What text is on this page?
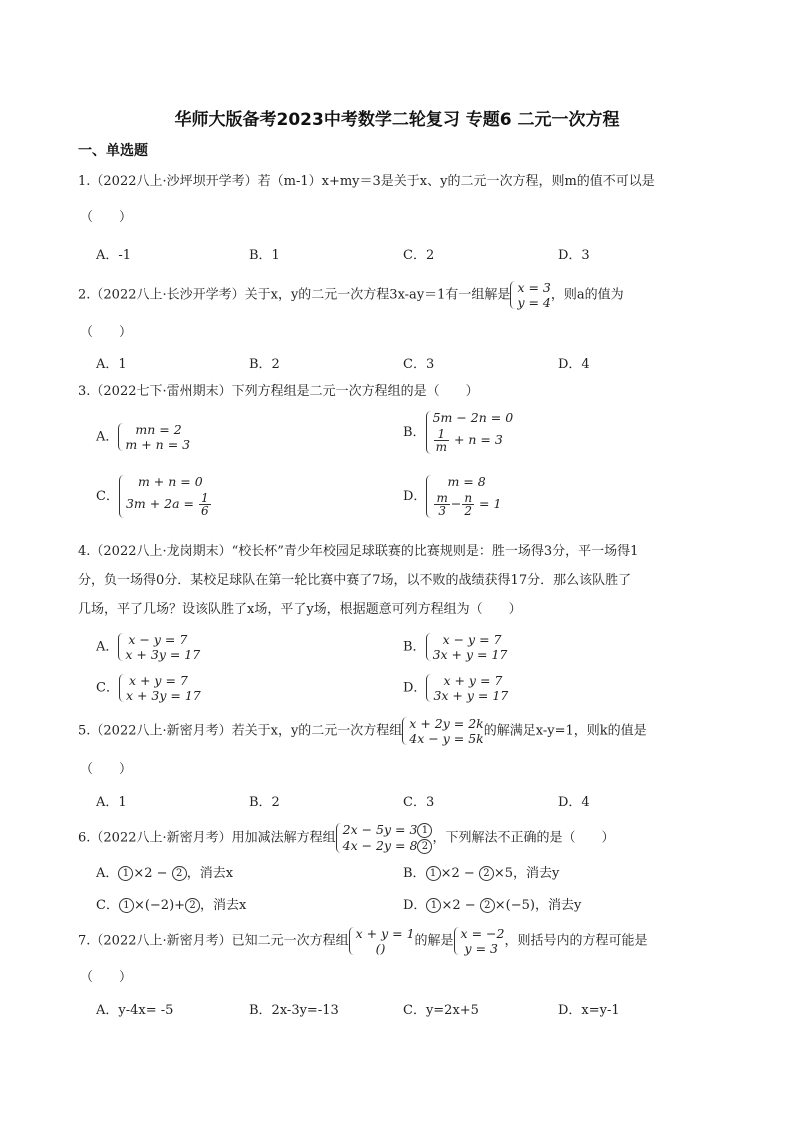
华师大版备考2023中考数学二轮复习 专题6 二元一次方程
一、单选题
1.（2022八上·沙坪坝开学考）若（m-1）x+my＝3是关于x、y的二元一次方程，则m的值不可以是
（　　）
A．-1	B．1	C．2	D．3
2.（2022八上·长沙开学考）关于x，y的二元一次方程3x-ay＝1有一组解是 x = 3
y = 4 ，则a的值为
（　　）
A．1	B．2	C．3	D．4
3.（2022七下·雷州期末）下列方程组是二元一次方程组的是（　　）
A．	mn = 2
m + n = 3
B．
5m − 2n = 0
$\frac{1}{m} + n = 3$
C．
m + n = 0
$3m + 2a = \frac{1}{6}$	D．
m = 8
$\frac{m}{3} - \frac{n}{2} = 1$
4.（2022八上·龙岗期末）“校长杯”青少年校园足球联赛的比赛规则是：胜一场得3分，平一场得1
分，负一场得0分．某校足球队在第一轮比赛中赛了7场，以不败的战绩获得17分．那么该队胜了
几场，平了几场？设该队胜了x场，平了y场，根据题意可列方程组为（　　）
A． x − y = 7
x + 3y = 17	B．	x − y = 7
3x + y = 17
C． x + y = 7
x + 3y = 17	D．	x + y = 7
3x + y = 17
5.（2022八上·新密月考）若关于x，y的二元一次方程组 x + 2y = 2k
4x − y = 5k 的解满足x-y=1，则k的值是
（　　）
A．1	B．2	C．3	D．4
6.（2022八上·新密月考）用加减法解方程组
2x − 5y = 3 1
4x − 2y = 8 2
，下列解法不正确的是（　　）
A． 1 ×2 − 2 ，消去x	B． 1 ×2 − 2 ×5，消去y
C． 1 ×(−2)+ 2 ，消去x	D． 1 ×2 − 2 ×(−5)，消去y
7.（2022八上·新密月考）已知二元一次方程组 x + y = 1
()	的解是 x = −2
y = 3 ，则括号内的方程可能是
（　　）
A．y-4x= -5	B．2x-3y=-13	C．y=2x+5	D．x=y-1
